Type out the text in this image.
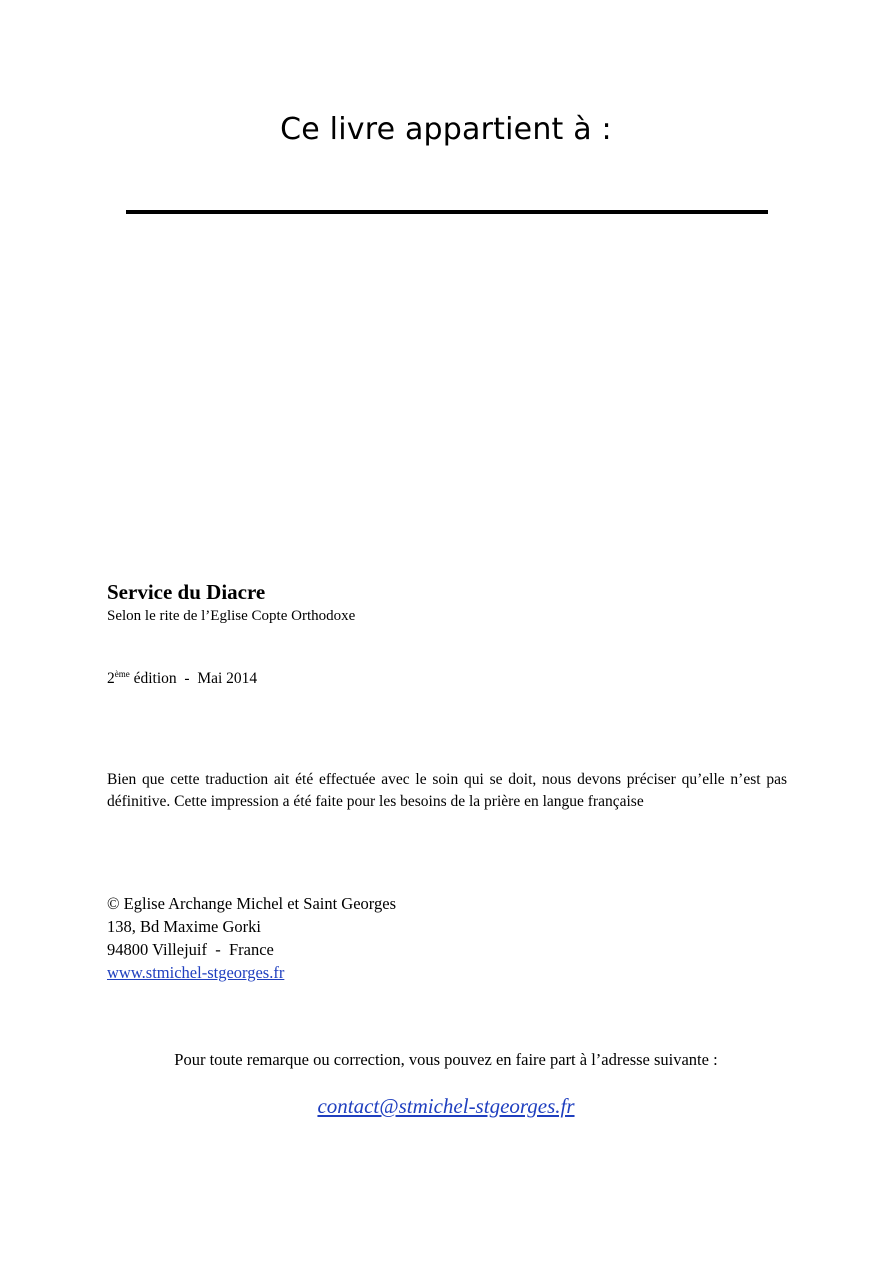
Ce livre appartient à :
Service du Diacre
Selon le rite de l’Eglise Copte Orthodoxe
2ème édition  -  Mai 2014
Bien que cette traduction ait été effectuée avec le soin qui se doit, nous devons préciser qu’elle n’est pas définitive. Cette impression a été faite pour les besoins de la prière en langue française
© Eglise Archange Michel et Saint Georges
138, Bd Maxime Gorki
94800 Villejuif  -  France
www.stmichel-stgeorges.fr
Pour toute remarque ou correction, vous pouvez en faire part à l’adresse suivante :
contact@stmichel-stgeorges.fr
